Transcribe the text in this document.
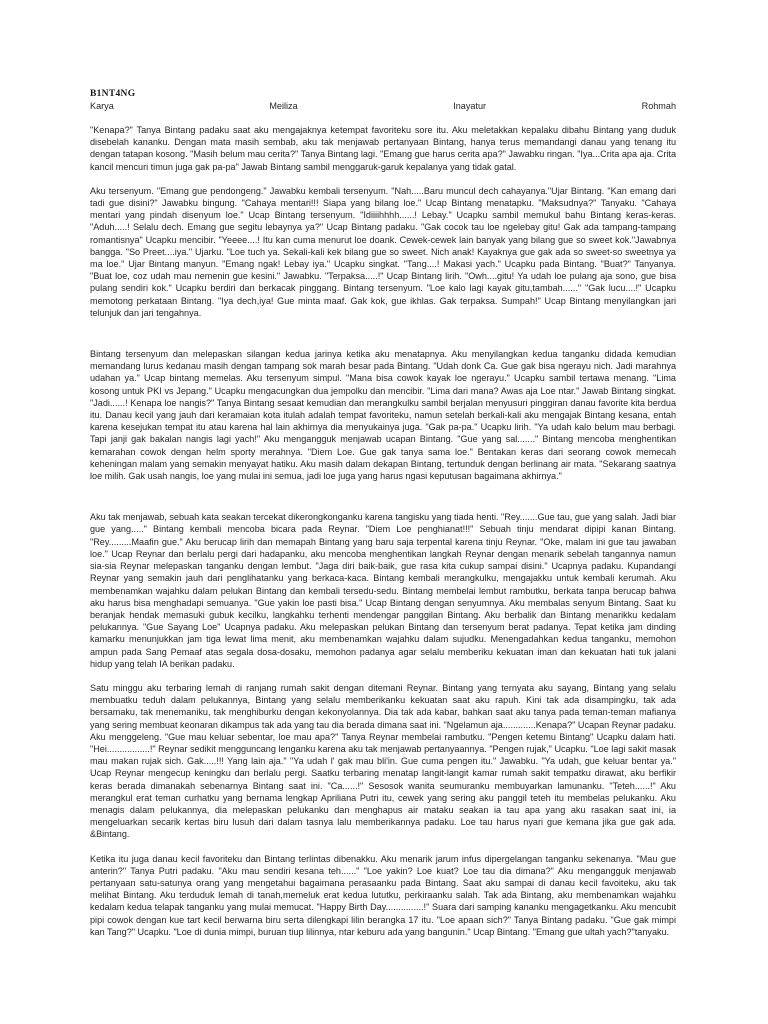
B1NT4NG
Karya	Meiliza	Inayatur	Rohmah

"Kenapa?" Tanya Bintang padaku saat aku mengajaknya ketempat favoriteku sore itu. Aku meletakkan kepalaku dibahu Bintang yang duduk disebelah kananku. Dengan mata masih sembab, aku tak menjawab pertanyaan Bintang, hanya terus memandangi danau yang tenang itu dengan tatapan kosong. "Masih belum mau cerita?" Tanya Bintang lagi. "Emang gue harus cerita apa?" Jawabku ringan. "Iya...Crita apa aja. Crita kancil mencuri timun juga gak pa-pa" Jawab Bintang sambil menggaruk-garuk kepalanya yang tidak gatal.

Aku tersenyum. "Emang gue pendongeng." Jawabku kembali tersenyum. "Nah.....Baru muncul dech cahayanya."Ujar Bintang. "Kan emang dari tadi gue disini?" Jawabku bingung. "Cahaya mentari!!! Siapa yang bilang loe." Ucap Bintang menatapku. "Maksudnya?" Tanyaku. "Cahaya mentari yang pindah disenyum loe." Ucap Bintang tersenyum. "Idiiiihhhh......! Lebay." Ucapku sambil memukul bahu Bintang keras-keras. "Aduh.....! Selalu dech. Emang gue segitu lebaynya ya?" Ucap Bintang padaku. "Gak cocok tau loe ngelebay gitu! Gak ada tampang-tampang romantisnya" Ucapku mencibir. "Yeeee....! Itu kan cuma menurut loe doank. Cewek-cewek lain banyak yang bilang gue so sweet kok."Jawabnya bangga. "So Preet....iya." Ujarku. "Loe tuch ya. Sekali-kali kek bilang gue so sweet. Nich anak! Kayaknya gue gak ada so sweet-so sweetnya ya ma loe." Ujar Bintang manyun. "Emang ngak! Lebay iya." Ucapku singkat. "Tang....! Makasi yach." Ucapku pada Bintang. "Buat?" Tanyanya. "Buat loe, coz udah mau nemenin gue kesini." Jawabku. "Terpaksa.....!" Ucap Bintang lirih. "Owh....gitu! Ya udah loe pulang aja sono, gue bisa pulang sendiri kok." Ucapku berdiri dan berkacak pinggang. Bintang tersenyum. "Loe kalo lagi kayak gitu,tambah......" "Gak lucu....!" Ucapku memotong perkataan Bintang. "Iya dech,iya! Gue minta maaf. Gak kok, gue ikhlas. Gak terpaksa. Sumpah!" Ucap Bintang menyilangkan jari telunjuk dan jari tengahnya.

Bintang tersenyum dan melepaskan silangan kedua jarinya ketika aku menatapnya. Aku menyilangkan kedua tanganku didada kemudian memandang lurus kedanau masih dengan tampang sok marah besar pada Bintang. "Udah donk Ca. Gue gak bisa ngerayu nich. Jadi marahnya udahan ya." Ucap bintang memelas. Aku tersenyum simpul. "Mana bisa cowok kayak loe ngerayu." Ucapku sambil tertawa menang. "Lima kosong untuk PKI vs Jepang." Ucapku mengacungkan dua jempolku dan mencibir. "Lima dari mana? Awas aja Loe ntar." Jawab Bintang singkat. "Jadi......! Kenapa loe nangis?" Tanya Bintang sesaat kemudian dan merangkulku sambil berjalan menyusuri pinggiran danau favorite kita berdua itu. Danau kecil yang jauh dari keramaian kota itulah adalah tempat favoriteku, namun setelah berkali-kali aku mengajak Bintang kesana, entah karena kesejukan tempat itu atau karena hal lain akhirnya dia menyukainya juga. "Gak pa-pa." Ucapku lirih. "Ya udah kalo belum mau berbagi. Tapi janji gak bakalan nangis lagi yach!" Aku mengangguk menjawab ucapan Bintang. "Gue yang sal......." Bintang mencoba menghentikan kemarahan cowok dengan helm sporty merahnya. "Diem Loe. Gue gak tanya sama loe." Bentakan keras dari seorang cowok memecah keheningan malam yang semakin menyayat hatiku. Aku masih dalam dekapan Bintang, tertunduk dengan berlinang air mata. "Sekarang saatnya loe milih. Gak usah nangis, loe yang mulai ini semua, jadi loe juga yang harus ngasi keputusan bagaimana akhirnya."

Aku tak menjawab, sebuah kata seakan tercekat dikerongkonganku karena tangisku yang tiada henti. "Rey.......Gue tau, gue yang salah. Jadi biar gue yang....." Bintang kembali mencoba bicara pada Reynar. "Diem Loe penghianat!!!" Sebuah tinju mendarat dipipi kanan Bintang. "Rey.........Maafin gue." Aku berucap lirih dan memapah Bintang yang baru saja terpental karena tinju Reynar. "Oke, malam ini gue tau jawaban loe." Ucap Reynar dan berlalu pergi dari hadapanku, aku mencoba menghentikan langkah Reynar dengan menarik sebelah tangannya namun sia-sia Reynar melepaskan tanganku dengan lembut. "Jaga diri baik-baik, gue rasa kita cukup sampai disini." Ucapnya padaku. Kupandangi Reynar yang semakin jauh dari penglihatanku yang berkaca-kaca. Bintang kembali merangkulku, mengajakku untuk kembali kerumah. Aku membenamkan wajahku dalam pelukan Bintang dan kembali tersedu-sedu. Bintang membelai lembut rambutku, berkata tanpa berucap bahwa aku harus bisa menghadapi semuanya. "Gue yakin loe pasti bisa." Ucap Bintang dengan senyumnya. Aku membalas senyum Bintang. Saat ku beranjak hendak memasuki gubuk kecilku, langkahku terhenti mendengar panggilan Bintang. Aku berbalik dan Bintang menarikku kedalam pelukannya. "Gue Sayang Loe" Ucapnya padaku. Aku melepaskan pelukan Bintang dan tersenyum berat padanya. Tepat ketika jam dinding kamarku menunjukkan jam tiga lewat lima menit, aku membenamkan wajahku dalam sujudku. Menengadahkan kedua tanganku, memohon ampun pada Sang Pemaaf atas segala dosa-dosaku, memohon padanya agar selalu memberiku kekuatan iman dan kekuatan hati tuk jalani hidup yang telah IA berikan padaku.

Satu minggu aku terbaring lemah di ranjang rumah sakit dengan ditemani Reynar. Bintang yang ternyata aku sayang, Bintang yang selalu membuatku teduh dalam pelukannya, Bintang yang selalu memberikanku kekuatan saat aku rapuh. Kini tak ada disampingku, tak ada bersamaku, tak menemaniku, tak menghiburku dengan kekonyolannya. Dia tak ada kabar, bahkan saat aku tanya pada teman-teman mafianya yang sering membuat keonaran dikampus tak ada yang tau dia berada dimana saat ini. "Ngelamun aja.............Kenapa?" Ucapan Reynar padaku. Aku menggeleng. "Gue mau keluar sebentar, loe mau apa?" Tanya Reynar membelai rambutku. "Pengen ketemu Bintang" Ucapku dalam hati. "Hei.................!" Reynar sedikit mengguncang lenganku karena aku tak menjawab pertanyaannya. "Pengen rujak," Ucapku. "Loe lagi sakit masak mau makan rujak sich. Gak.....!!! Yang lain aja." "Ya udah l' gak mau bli'in. Gue cuma pengen itu." Jawabku. "Ya udah, gue keluar bentar ya." Ucap Reynar mengecup keningku dan berlalu pergi. Saatku terbaring menatap langit-langit kamar rumah sakit tempatku dirawat, aku berfikir keras berada dimanakah sebenarnya Bintang saat ini. "Ca......!" Sesosok wanita seumuranku membuyarkan lamunanku. "Teteh......!" Aku merangkul erat teman curhatku yang bernama lengkap Apriliana Putri itu, cewek yang sering aku panggil teteh itu membelas pelukanku. Aku menagis dalam pelukannya, dia melepaskan pelukanku dan menghapus air mataku seakan ia tau apa yang aku rasakan saat ini, ia mengeluarkan secarik kertas biru lusuh dari dalam tasnya lalu memberikannya padaku. Loe tau harus nyari gue kemana jika gue gak ada. &Bintang.

Ketika itu juga danau kecil favoriteku dan Bintang terlintas dibenakku. Aku menarik jarum infus dipergelangan tanganku sekenanya. "Mau gue anterin?" Tanya Putri padaku. "Aku mau sendiri kesana teh......" "Loe yakin? Loe kuat? Loe tau dia dimana?" Aku mengangguk menjawab pertanyaan satu-satunya orang yang mengetahui bagaimana perasaanku pada Bintang. Saat aku sampai di danau kecil favoiteku, aku tak melihat Bintang. Aku terduduk lemah di tanah,memeluk erat kedua lututku, perkiraanku salah. Tak ada Bintang, aku membenamkan wajahku kedalam kedua telapak tanganku yang mulai memucat. "Happy Birth Day...............!" Suara dari samping kananku mengagetkanku. Aku mencubit pipi cowok dengan kue tart kecil berwarna biru serta dilengkapi lilin berangka 17 itu. "Loe apaan sich?" Tanya Bintang padaku. "Gue gak mimpi kan Tang?" Ucapku. "Loe di dunia mimpi, buruan tiup lilinnya, ntar keburu ada yang bangunin." Ucap Bintang. "Emang gue ultah yach?"tanyaku.
